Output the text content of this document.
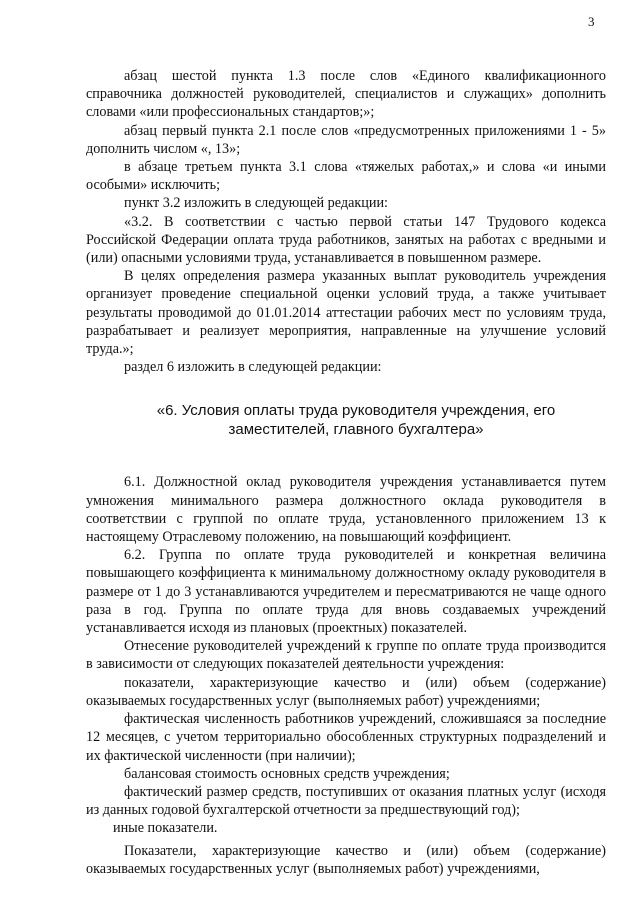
3

абзац шестой пункта 1.3 после слов «Единого квалификационного справочника должностей руководителей, специалистов и служащих» дополнить словами «или профессиональных стандартов;»;

абзац первый пункта 2.1 после слов «предусмотренных приложениями 1 - 5» дополнить числом «, 13»;

в абзаце третьем пункта 3.1 слова «тяжелых работах,» и слова «и иными особыми» исключить;

пункт 3.2 изложить в следующей редакции:

«3.2. В соответствии с частью первой статьи 147 Трудового кодекса Российской Федерации оплата труда работников, занятых на работах с вредными и (или) опасными условиями труда, устанавливается в повышенном размере.

В целях определения размера указанных выплат руководитель учреждения организует проведение специальной оценки условий труда, а также учитывает результаты проводимой до 01.01.2014 аттестации рабочих мест по условиям труда, разрабатывает и реализует мероприятия, направленные на улучшение условий труда.»;

раздел 6 изложить в следующей редакции:

«6. Условия оплаты труда руководителя учреждения, его заместителей, главного бухгалтера»

6.1. Должностной оклад руководителя учреждения устанавливается путем умножения минимального размера должностного оклада руководителя в соответствии с группой по оплате труда, установленного приложением 13 к настоящему Отраслевому положению, на повышающий коэффициент.

6.2. Группа по оплате труда руководителей и конкретная величина повышающего коэффициента к минимальному должностному окладу руководителя в размере от 1 до 3 устанавливаются учредителем и пересматриваются не чаще одного раза в год. Группа по оплате труда для вновь создаваемых учреждений устанавливается исходя из плановых (проектных) показателей.

Отнесение руководителей учреждений к группе по оплате труда производится в зависимости от следующих показателей деятельности учреждения:

показатели, характеризующие качество и (или) объем (содержание) оказываемых государственных услуг (выполняемых работ) учреждениями;

фактическая численность работников учреждений, сложившаяся за последние 12 месяцев, с учетом территориально обособленных структурных подразделений и их фактической численности (при наличии);

балансовая стоимость основных средств учреждения;

фактический размер средств, поступивших от оказания платных услуг (исходя из данных годовой бухгалтерской отчетности за предшествующий год);

иные показатели.

Показатели, характеризующие качество и (или) объем (содержание) оказываемых государственных услуг (выполняемых работ) учреждениями,
